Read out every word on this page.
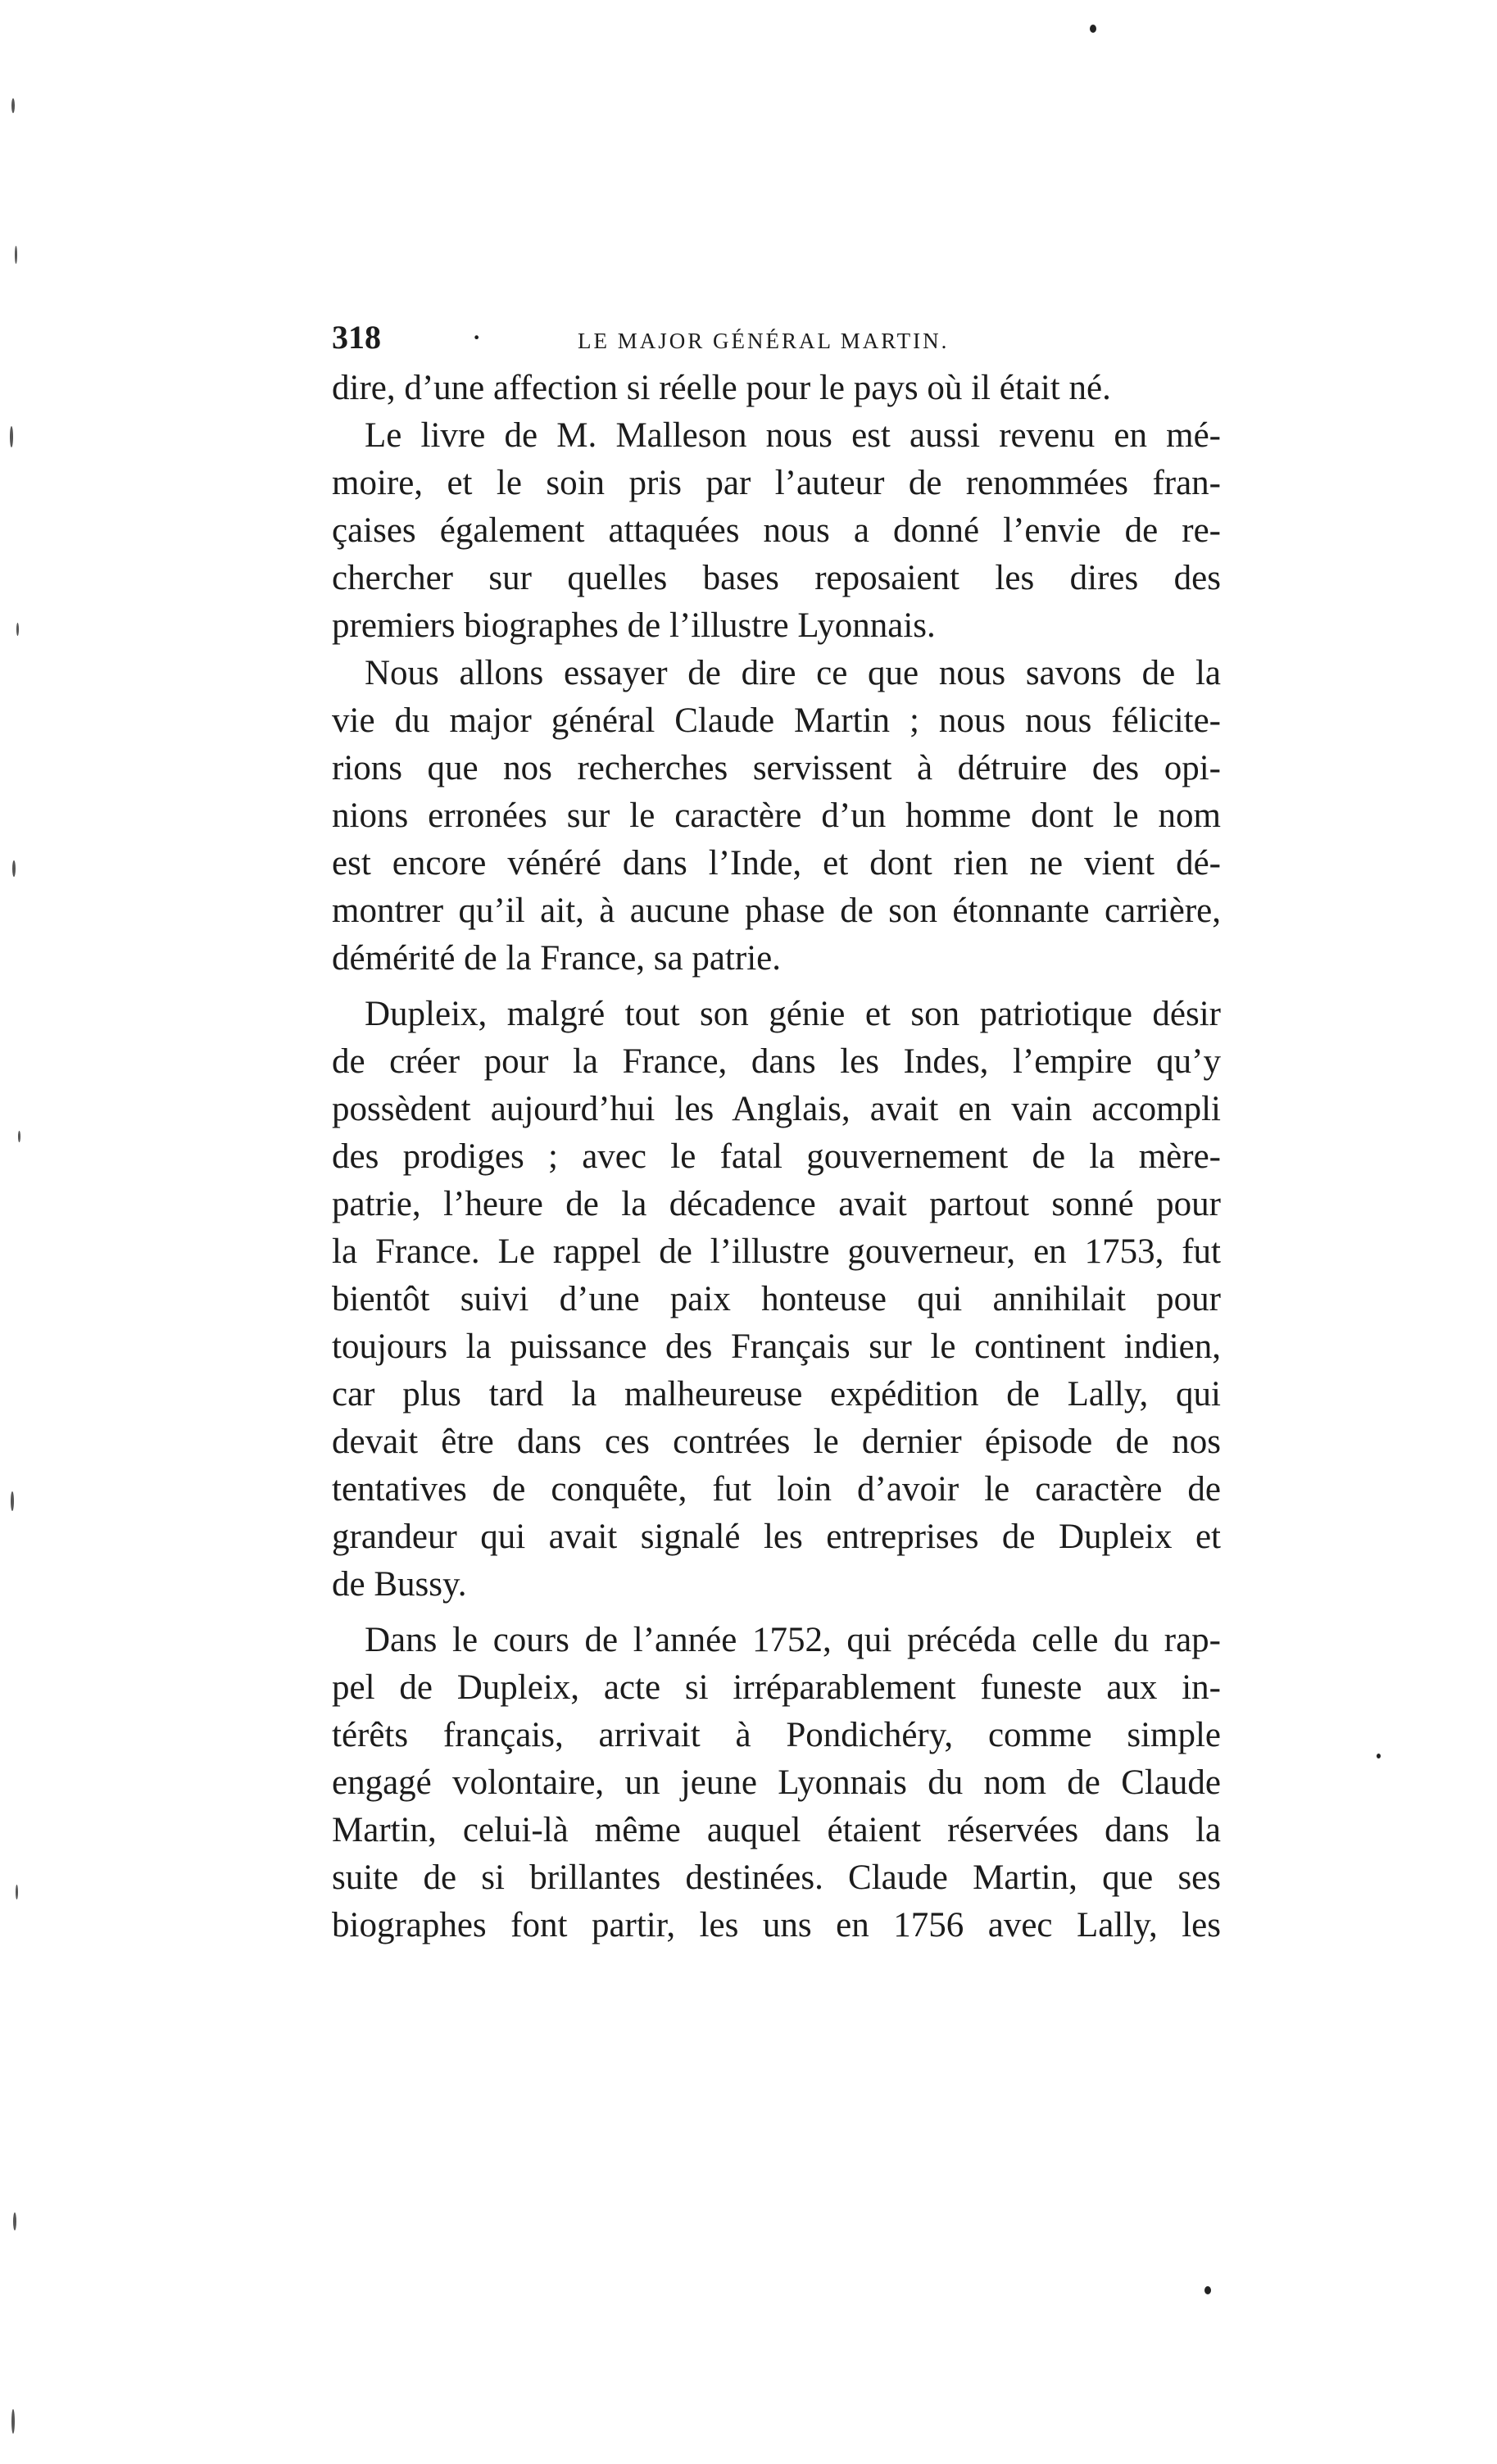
318	·	LE MAJOR GÉNÉRAL MARTIN.
dire, d’une affection si réelle pour le pays où il était né.
Le livre de M. Malleson nous est aussi revenu en mé-
moire, et le soin pris par l’auteur de renommées fran-
çaises également attaquées nous a donné l’envie de re-
chercher sur quelles bases reposaient les dires des
premiers biographes de l’illustre Lyonnais.
Nous allons essayer de dire ce que nous savons de la
vie du major général Claude Martin ; nous nous félicite-
rions que nos recherches servissent à détruire des opi-
nions erronées sur le caractère d’un homme dont le nom
est encore vénéré dans l’Inde, et dont rien ne vient dé-
montrer qu’il ait, à aucune phase de son étonnante carrière,
démérité de la France, sa patrie.
Dupleix, malgré tout son génie et son patriotique désir
de créer pour la France, dans les Indes, l’empire qu’y
possèdent aujourd’hui les Anglais, avait en vain accompli
des prodiges ; avec le fatal gouvernement de la mère-
patrie, l’heure de la décadence avait partout sonné pour
la France. Le rappel de l’illustre gouverneur, en 1753, fut
bientôt suivi d’une paix honteuse qui annihilait pour
toujours la puissance des Français sur le continent indien,
car plus tard la malheureuse expédition de Lally, qui
devait être dans ces contrées le dernier épisode de nos
tentatives de conquête, fut loin d’avoir le caractère de
grandeur qui avait signalé les entreprises de Dupleix et
de Bussy.
Dans le cours de l’année 1752, qui précéda celle du rap-
pel de Dupleix, acte si irréparablement funeste aux in-
térêts français, arrivait à Pondichéry, comme simple
engagé volontaire, un jeune Lyonnais du nom de Claude
Martin, celui-là même auquel étaient réservées dans la
suite de si brillantes destinées. Claude Martin, que ses
biographes font partir, les uns en 1756 avec Lally, les
